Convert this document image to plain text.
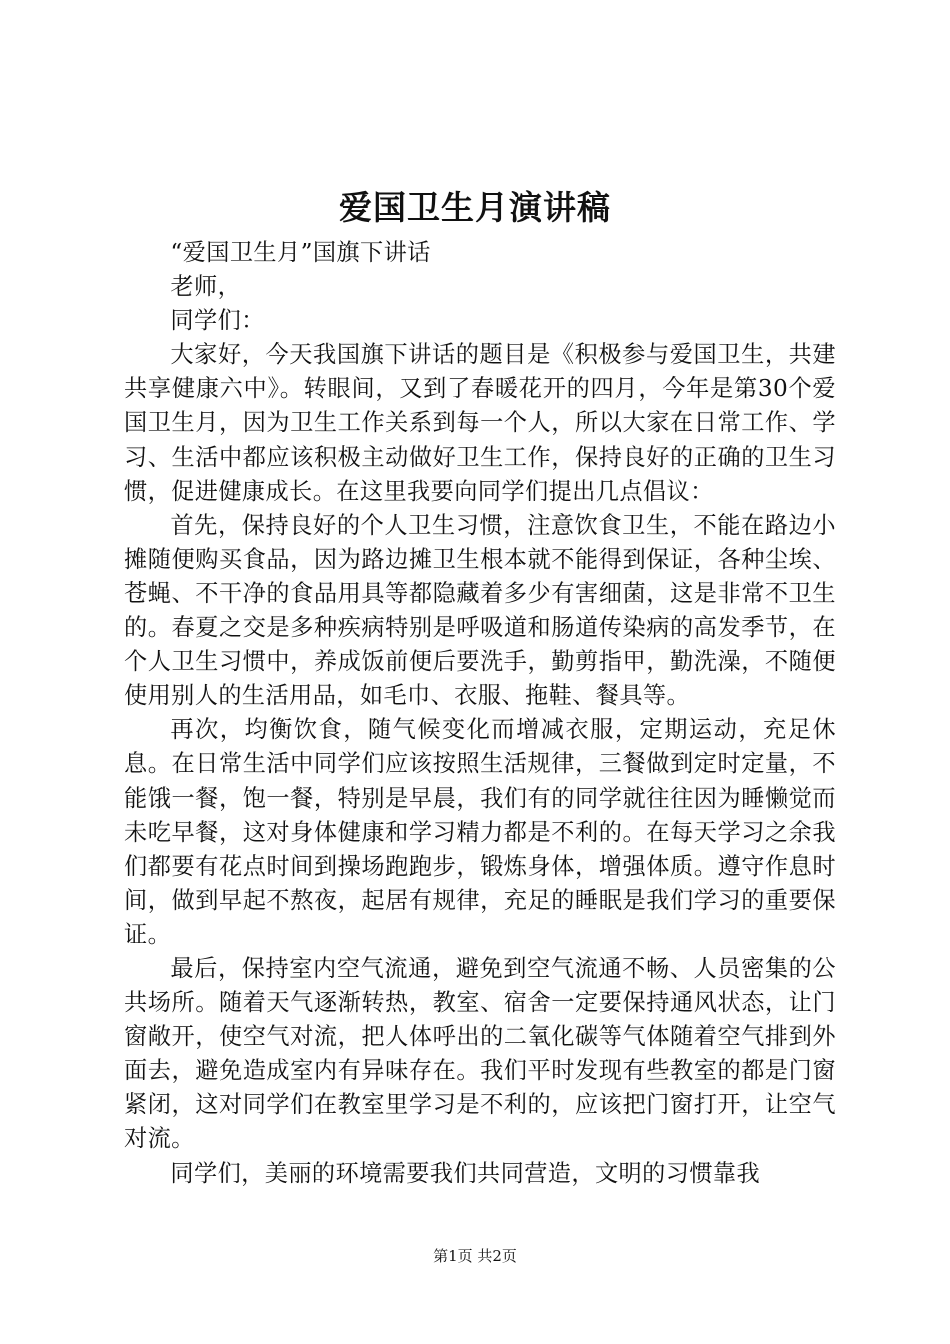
爱国卫生月演讲稿

“爱国卫生月”国旗下讲话

老师，

同学们：

大家好，今天我国旗下讲话的题目是《积极参与爱国卫生，共建共享健康六中》。转眼间，又到了春暖花开的四月，今年是第30个爱国卫生月，因为卫生工作关系到每一个人，所以大家在日常工作、学习、生活中都应该积极主动做好卫生工作，保持良好的正确的卫生习惯，促进健康成长。在这里我要向同学们提出几点倡议：

首先，保持良好的个人卫生习惯，注意饮食卫生，不能在路边小摊随便购买食品，因为路边摊卫生根本就不能得到保证，各种尘埃、苍蝇、不干净的食品用具等都隐藏着多少有害细菌，这是非常不卫生的。春夏之交是多种疾病特别是呼吸道和肠道传染病的高发季节，在个人卫生习惯中，养成饭前便后要洗手，勤剪指甲，勤洗澡，不随便使用别人的生活用品，如毛巾、衣服、拖鞋、餐具等。

再次，均衡饮食，随气候变化而增减衣服，定期运动，充足休息。在日常生活中同学们应该按照生活规律，三餐做到定时定量，不能饿一餐，饱一餐，特别是早晨，我们有的同学就往往因为睡懒觉而未吃早餐，这对身体健康和学习精力都是不利的。在每天学习之余我们都要有花点时间到操场跑跑步，锻炼身体，增强体质。遵守作息时间，做到早起不熬夜，起居有规律，充足的睡眠是我们学习的重要保证。

最后，保持室内空气流通，避免到空气流通不畅、人员密集的公共场所。随着天气逐渐转热，教室、宿舍一定要保持通风状态，让门窗敞开，使空气对流，把人体呼出的二氧化碳等气体随着空气排到外面去，避免造成室内有异味存在。我们平时发现有些教室的都是门窗紧闭，这对同学们在教室里学习是不利的，应该把门窗打开，让空气对流。

同学们，美丽的环境需要我们共同营造，文明的习惯靠我

第1页 共2页
